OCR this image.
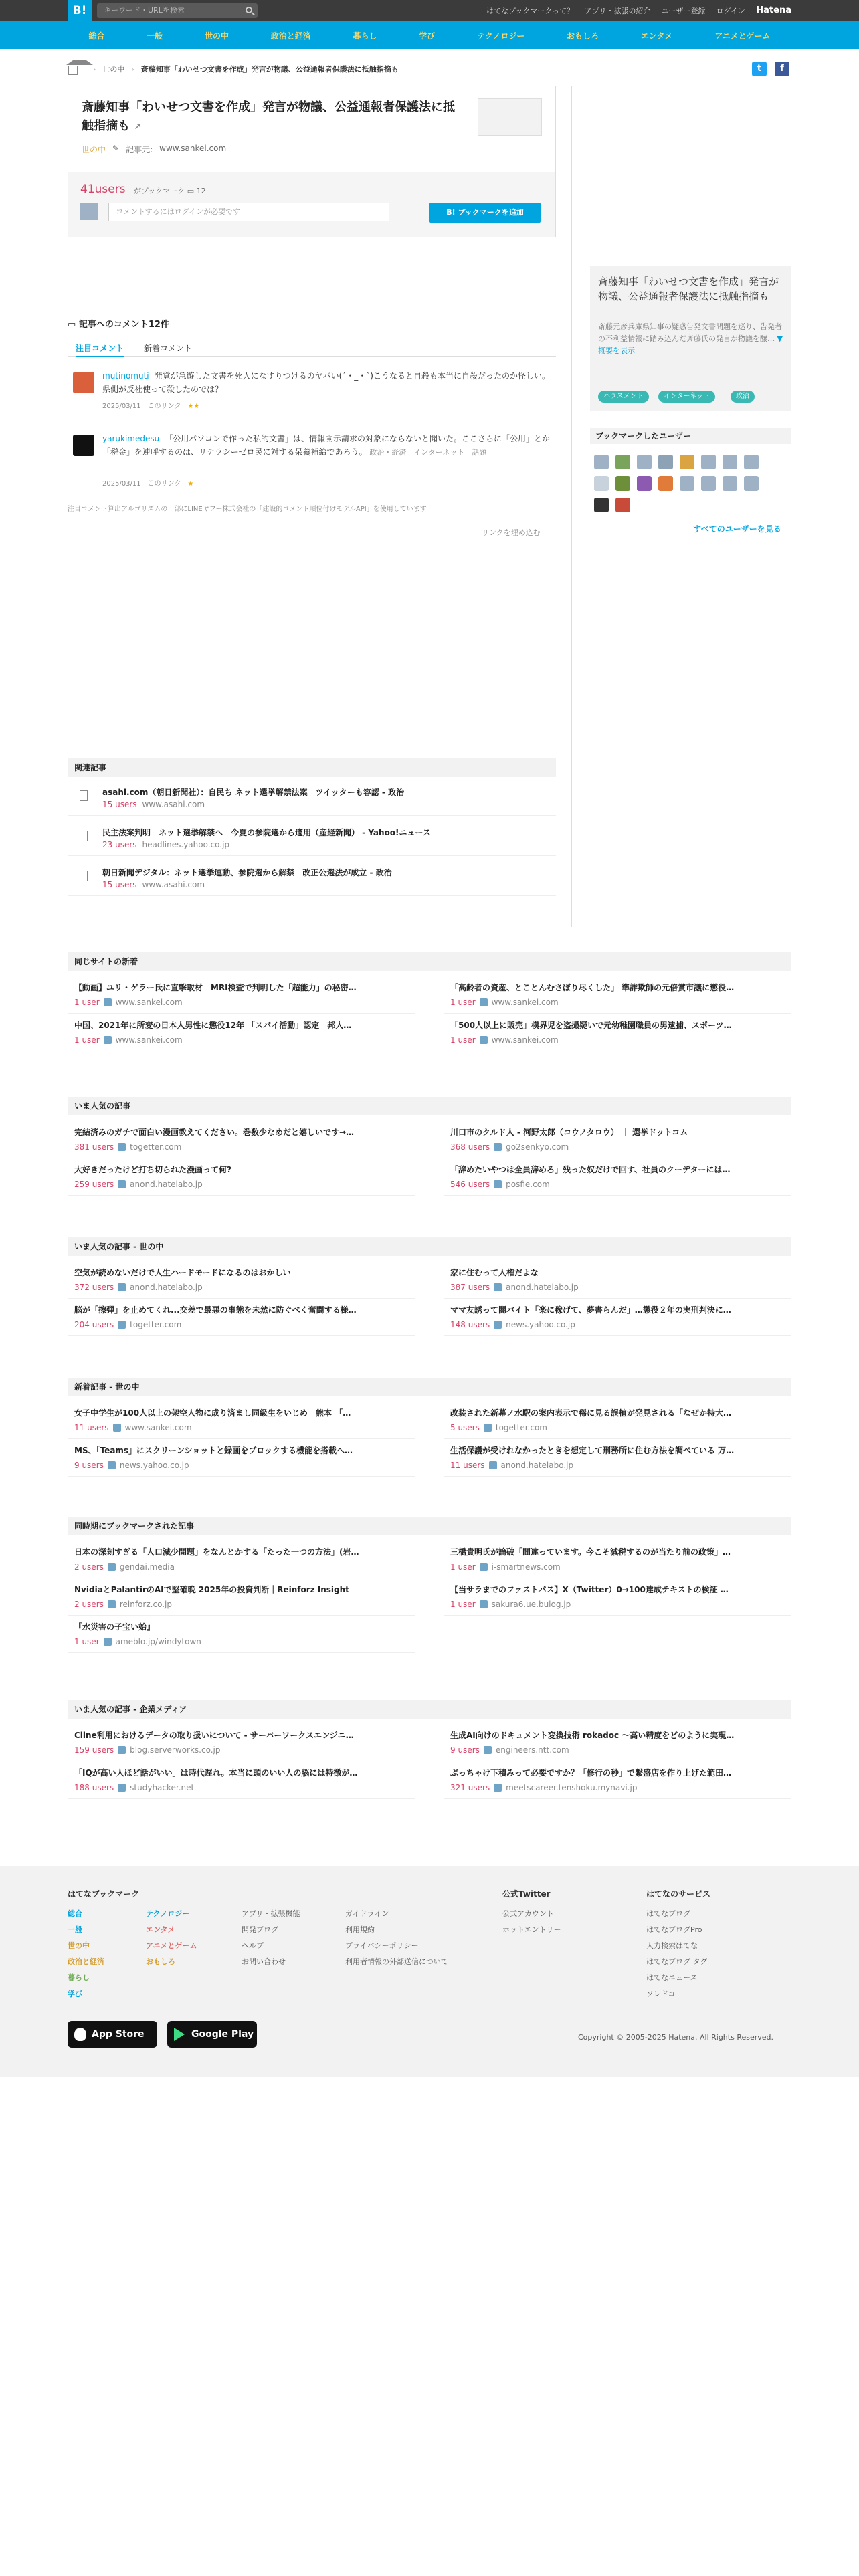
B!	キーワード・URLを検索	はてなブックマークって？ アプリ・拡張の紹介 ユーザー登録 ログイン Hatena
総合	一般	世の中	政治と経済	暮らし	学び	テクノロジー	おもしろ	エンタメ	アニメとゲーム
› 世の中 › 斎藤知事「わいせつ文書を作成」発言が物議、公益通報者保護法に抵触指摘も	t	f
斎藤知事「わいせつ文書を作成」発言が物議、公益通報者保護法に抵触指摘も ↗
世の中 ✎ 記事元: www.sankei.com
41users がブックマーク ▭ 12
コメントするにはログインが必要です	B! ブックマークを追加
▭ 記事へのコメント12件
注目コメント 新着コメント
mutinomuti 発覚が急遊した文書を死人になすりつけるのヤバい(´・_・`)こうなると自殺も本当に自殺だったのか怪しい。県側が反社使って殺したのでは？
2025/03/11　 このリンク　 ★★
yarukimedesu 「公用パソコンで作った私的文書」は、情報開示請求の対象にならないと聞いた。ここさらに「公用」とか「税金」を連呼するのは、リテラシーゼロ民に対する呆養補給であろう。 政治・経済　インターネット　話題
2025/03/11　 このリンク　 ★
注目コメント算出アルゴリズムの一部にLINEヤフー株式会社の「建設的コメント順位付けモデルAPI」を使用しています
リンクを埋め込む
関連記事
asahi.com（朝日新聞社）：自民ち ネット選挙解禁法案　ツイッターも容認 - 政治
15 users www.asahi.com
民主法案判明　ネット選挙解禁へ　今夏の参院選から適用（産経新聞） - Yahoo!ニュース
23 users headlines.yahoo.co.jp
朝日新聞デジタル：ネット選挙運動、参院選から解禁　改正公選法が成立 - 政治
15 users www.asahi.com
斎藤知事「わいせつ文書を作成」発言が物議、公益通報者保護法に抵触指摘も
斎藤元彦兵庫県知事の疑惑告発文書問題を巡り、告発者の不利益情報に踏み込んだ斎藤氏の発言が物議を醸… ▼ 概要を表示
ハラスメント	インターネット	政治
ブックマークしたユーザー
すべてのユーザーを見る
同じサイトの新着
【動画】ユリ・ゲラー氏に直撃取材　MRI検査で判明した「超能力」の秘密…
1 user www.sankei.com
「高齢者の資産、とことんむさぼり尽くした」 準詐欺師の元倍賞市議に懲役…
1 user www.sankei.com
中国、2021年に所変の日本人男性に懲役12年 「スパイ活動」認定　邦人…
1 user www.sankei.com
「500人以上に販売」模界児を盗撮疑いで元幼稚園職員の男逮捕、スポーツ…
1 user www.sankei.com
いま人気の記事
完結済みのガチで面白い漫画教えてください。巻数少なめだと嬉しいです→…
381 users togetter.com
川口市のクルド人 - 河野太郎（コウノタロウ） ｜ 選挙ドットコム
368 users go2senkyo.com
大好きだったけど打ち切られた漫画って何?
259 users anond.hatelabo.jp
「辞めたいやつは全員辞めろ」残った奴だけで回す、社員のクーデターには…
546 users posfie.com
いま人気の記事 - 世の中
空気が読めないだけで人生ハードモードになるのはおかしい
372 users anond.hatelabo.jp
家に住むって人権だよな
387 users anond.hatelabo.jp
脳が「擦弾」を止めてくれ...交差で最悪の事態を未然に防ぐべく奮闘する様…
204 users togetter.com
ママ友誘って闇バイト「楽に稼げて、夢書らんだ」…懲役２年の実刑判決に…
148 users news.yahoo.co.jp
新着記事 - 世の中
女子中学生が100人以上の架空人物に成り済まし同級生をいじめ　熊本 「…
11 users www.sankei.com
改装された新幕ノ水駅の案内表示で稀に見る誤植が発見される「なぜか特大…
5 users togetter.com
MS、「Teams」にスクリーンショットと録画をブロックする機能を搭載へ…
9 users news.yahoo.co.jp
生活保護が受けれなかったときを想定して刑務所に住む方法を調べている 万…
11 users anond.hatelabo.jp
同時期にブックマークされた記事
日本の深刻すぎる「人口減少問題」をなんとかする「たった一つの方法」(岩…
2 users gendai.media
三橋貴明氏が論破「間違っています。今こそ減税するのが当たり前の政策」…
1 user i-smartnews.com
NvidiaとPalantirのAIで堅確晩 2025年の投資判断｜Reinforz Insight
2 users reinforz.co.jp
【当サラまでのファストパス】X（Twitter）0→100達成テキストの検証 …
1 user sakura6.ue.bulog.jp
『水災害の子宝い始』
1 user ameblo.jp/windytown
いま人気の記事 - 企業メディア
Cline利用におけるデータの取り扱いについて - サーバーワークスエンジニ…
159 users blog.serverworks.co.jp
生成AI向けのドキュメント変換技術 rokadoc ～高い精度をどのように実現…
9 users engineers.ntt.com
「IQが高い人ほど話がいい」は時代遅れ。本当に頭のいい人の脳には特徴が…
188 users studyhacker.net
ぶっちゃけ下積みって必要ですか？「修行の秒」で繋盛店を作り上げた範田…
321 users meetscareer.tenshoku.mynavi.jp
はてなブックマーク
総合
一般
世の中
政治と経済
暮らし
学び
テクノロジー
エンタメ
アニメとゲーム
おもしろ
アプリ・拡張機能
開発ブログ
ヘルプ
お問い合わせ
ガイドライン
利用規約
プライバシーポリシー
利用者情報の外部送信について
公式Twitter
公式アカウント
ホットエントリー
はてなのサービス
はてなブログ
はてなブログPro
人力検索はてな
はてなブログ タグ
はてなニュース
ソレドコ
App Store	Google Play	Copyright © 2005-2025 Hatena. All Rights Reserved.
